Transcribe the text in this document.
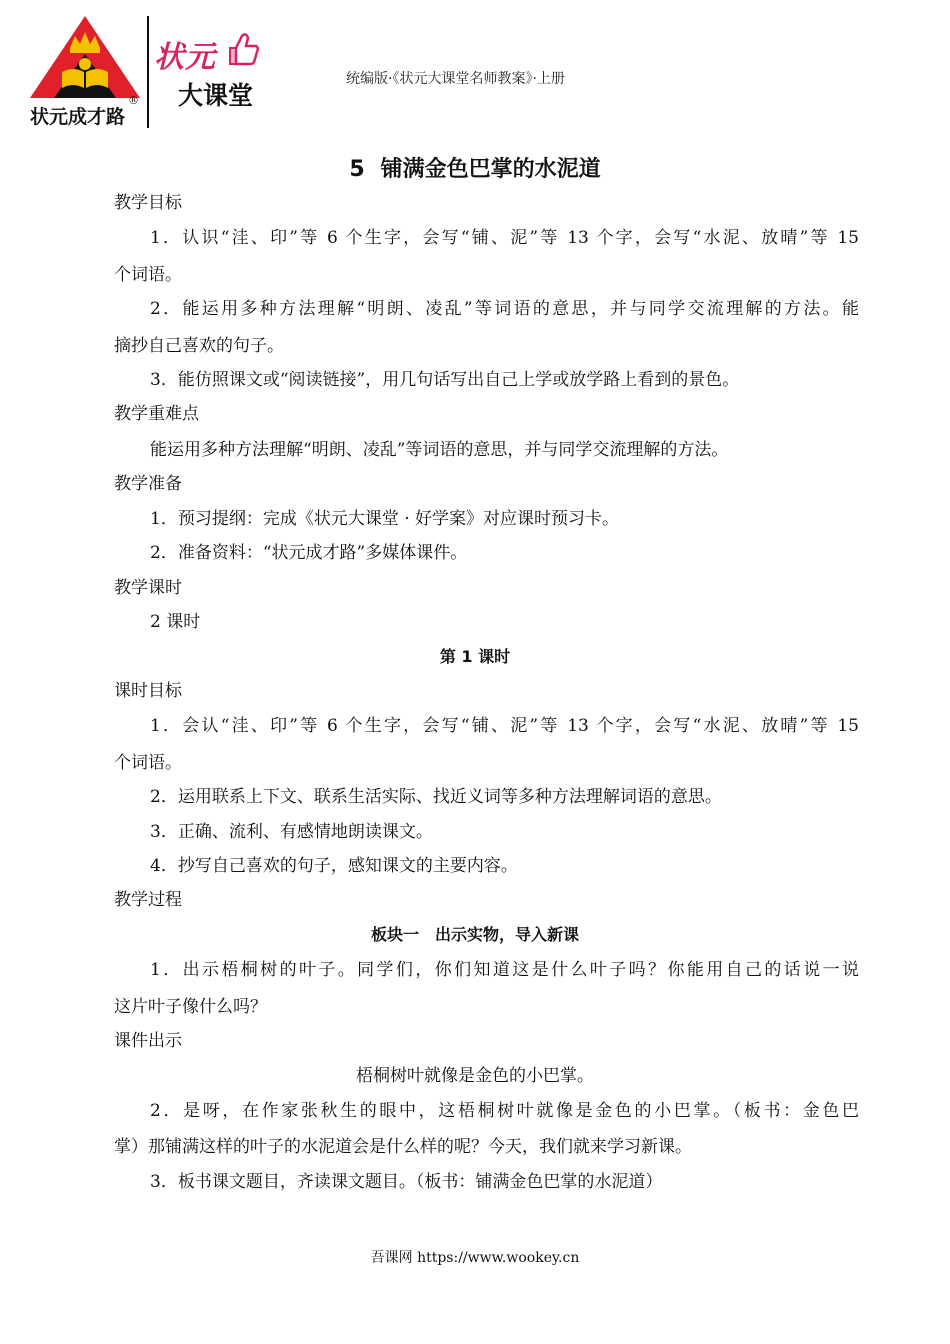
状元成才路
®
状元
大课堂
统编版·《状元大课堂名师教案》·上册
5 铺满金色巴掌的水泥道
教学目标
1．认识“洼、印”等 6 个生字，会写“铺、泥”等 13 个字，会写“水泥、放晴”等 15
个词语。
2．能运用多种方法理解“明朗、凌乱”等词语的意思，并与同学交流理解的方法。能
摘抄自己喜欢的句子。
3．能仿照课文或“阅读链接”，用几句话写出自己上学或放学路上看到的景色。
教学重难点
能运用多种方法理解“明朗、凌乱”等词语的意思，并与同学交流理解的方法。
教学准备
1．预习提纲：完成《状元大课堂 · 好学案》对应课时预习卡。
2．准备资料：“状元成才路”多媒体课件。
教学课时
2 课时
第 1 课时
课时目标
1．会认“洼、印”等 6 个生字，会写“铺、泥”等 13 个字，会写“水泥、放晴”等 15
个词语。
2．运用联系上下文、联系生活实际、找近义词等多种方法理解词语的意思。
3．正确、流利、有感情地朗读课文。
4．抄写自己喜欢的句子，感知课文的主要内容。
教学过程
板块一　出示实物，导入新课
1．出示梧桐树的叶子。同学们，你们知道这是什么叶子吗？你能用自己的话说一说
这片叶子像什么吗？
课件出示
梧桐树叶就像是金色的小巴掌。
2．是呀，在作家张秋生的眼中，这梧桐树叶就像是金色的小巴掌。（板书：金色巴
掌）那铺满这样的叶子的水泥道会是什么样的呢？今天，我们就来学习新课。
3．板书课文题目，齐读课文题目。（板书：铺满金色巴掌的水泥道）
吾课网 https://www.wookey.cn
